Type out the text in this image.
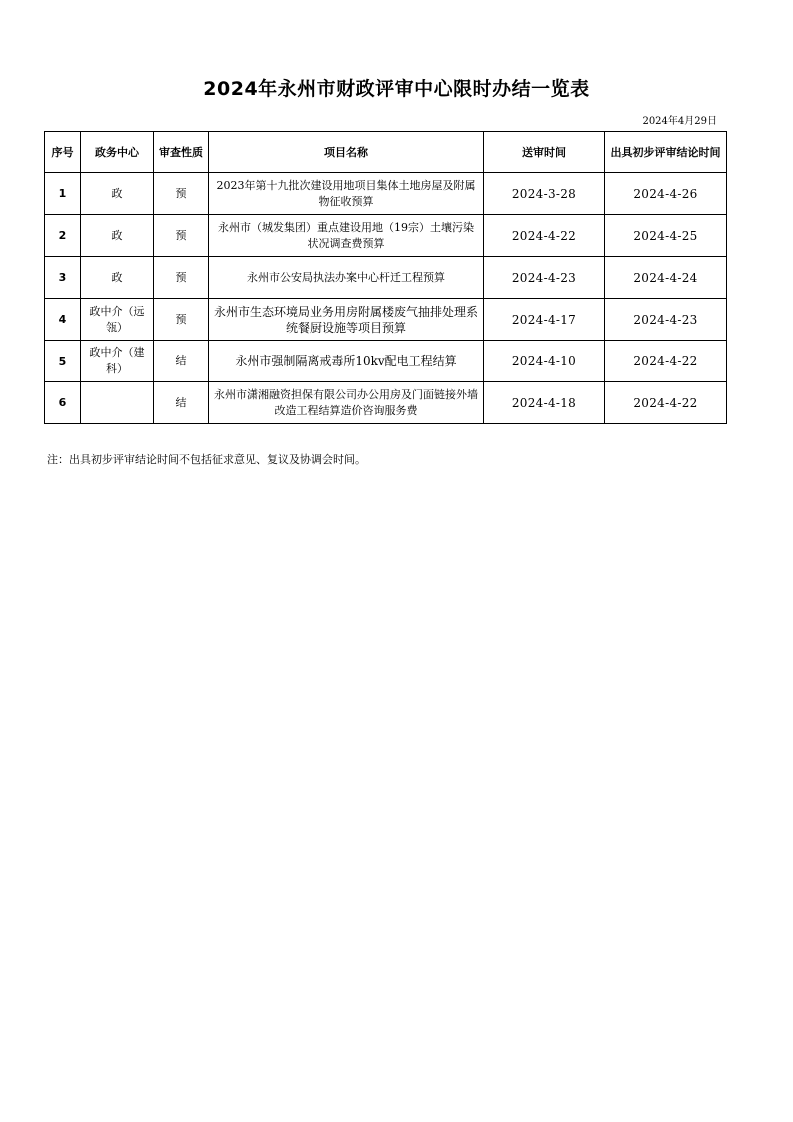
2024年永州市财政评审中心限时办结一览表
2024年4月29日
序号	政务中心	审查性质	项目名称	送审时间	出具初步评审结论时间
1	政	预	2023年第十九批次建设用地项目集体土地房屋及附属物征收预算	2024-3-28	2024-4-26
2	政	预	永州市（城发集团）重点建设用地（19宗）土壤污染状况调查费预算	2024-4-22	2024-4-25
3	政	预	永州市公安局执法办案中心杆迁工程预算	2024-4-23	2024-4-24
4	政中介（远瓴）	预	永州市生态环境局业务用房附属楼废气抽排处理系统餐厨设施等项目预算	2024-4-17	2024-4-23
5	政中介（建科）	结	永州市强制隔离戒毒所10kv配电工程结算	2024-4-10	2024-4-22
6		结	永州市潇湘融资担保有限公司办公用房及门面链接外墙改造工程结算造价咨询服务费	2024-4-18	2024-4-22
注：出具初步评审结论时间不包括征求意见、复议及协调会时间。
